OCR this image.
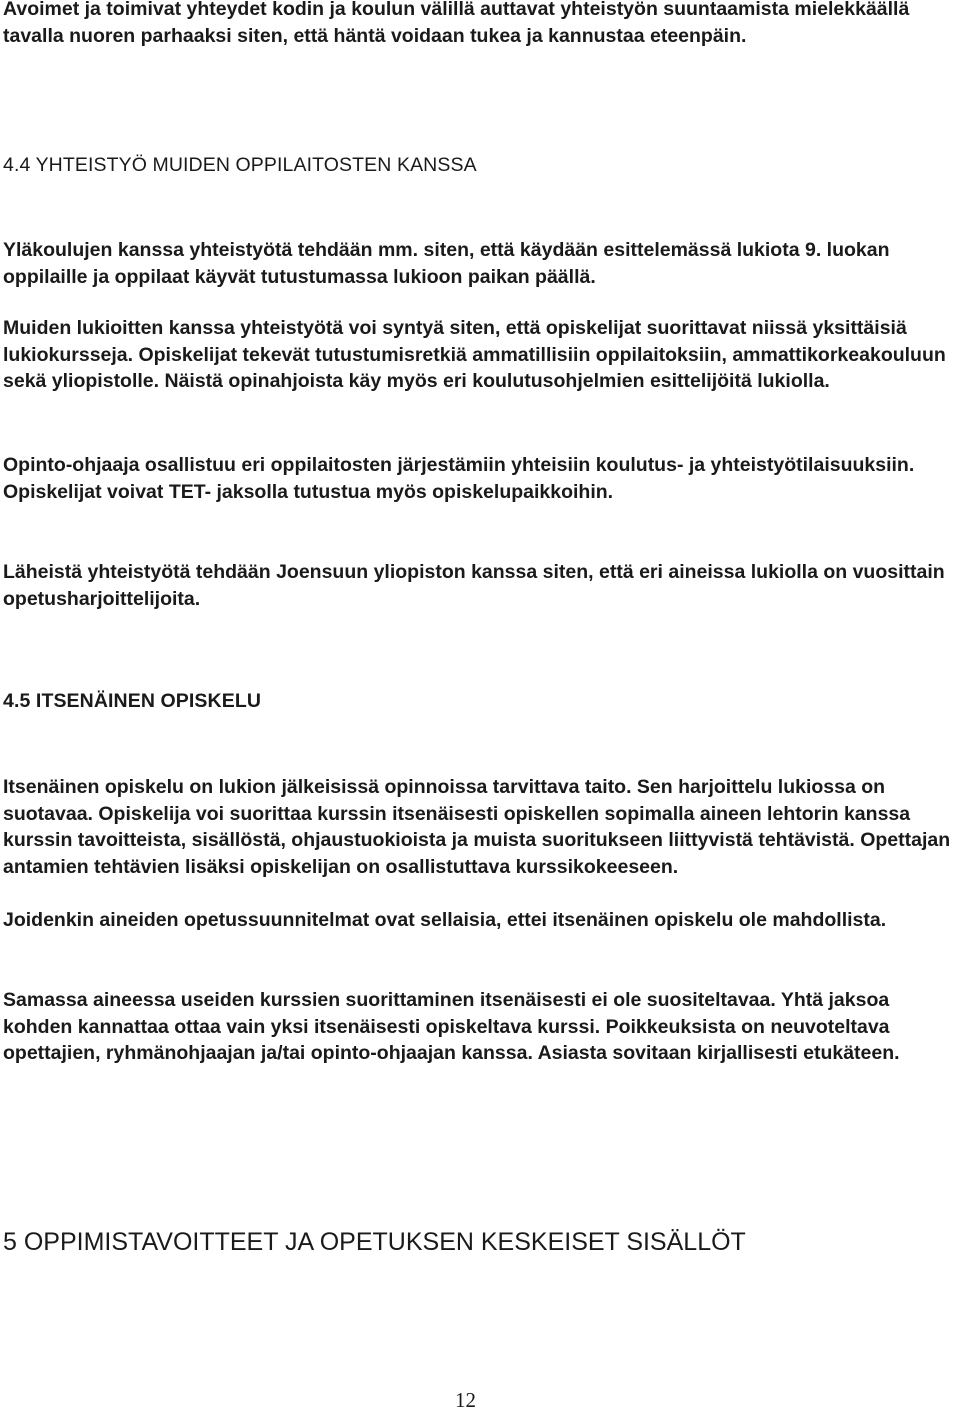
Avoimet ja toimivat yhteydet kodin ja koulun välillä auttavat yhteistyön suuntaamista mielekkäällä tavalla nuoren parhaaksi siten, että häntä voidaan tukea ja kannustaa eteenpäin.

4.4 YHTEISTYÖ MUIDEN OPPILAITOSTEN KANSSA

Yläkoulujen kanssa yhteistyötä tehdään mm. siten, että käydään esittelemässä lukiota 9. luokan oppilaille ja oppilaat käyvät tutustumassa lukioon paikan päällä.

Muiden lukioitten kanssa yhteistyötä voi syntyä siten, että opiskelijat suorittavat niissä yksittäisiä lukiokursseja. Opiskelijat tekevät tutustumisretkiä ammatillisiin oppilaitoksiin, ammattikorkeakouluun sekä yliopistolle. Näistä opinahjoista käy myös eri koulutusohjelmien esittelijöitä lukiolla.

Opinto-ohjaaja osallistuu eri oppilaitosten järjestämiin yhteisiin koulutus- ja yhteistyötilaisuuksiin. Opiskelijat voivat TET- jaksolla tutustua myös opiskelupaikkoihin.

Läheistä yhteistyötä tehdään Joensuun yliopiston kanssa siten, että eri aineissa lukiolla on vuosittain opetusharjoittelijoita.

4.5 ITSENÄINEN OPISKELU

Itsenäinen opiskelu on lukion jälkeisissä opinnoissa tarvittava taito. Sen harjoittelu lukiossa on suotavaa. Opiskelija voi suorittaa kurssin itsenäisesti opiskellen sopimalla aineen lehtorin kanssa kurssin tavoitteista, sisällöstä, ohjaustuokioista ja muista suoritukseen liittyvistä tehtävistä. Opettajan antamien tehtävien lisäksi opiskelijan on osallistuttava kurssikokeeseen.

Joidenkin aineiden opetussuunnitelmat ovat sellaisia, ettei itsenäinen opiskelu ole mahdollista.

Samassa aineessa useiden kurssien suorittaminen itsenäisesti ei ole suositeltavaa. Yhtä jaksoa kohden kannattaa ottaa vain yksi itsenäisesti opiskeltava kurssi. Poikkeuksista on neuvoteltava opettajien, ryhmänohjaajan ja/tai opinto-ohjaajan kanssa. Asiasta sovitaan kirjallisesti etukäteen.

5 OPPIMISTAVOITTEET JA OPETUKSEN KESKEISET SISÄLLÖT

12
